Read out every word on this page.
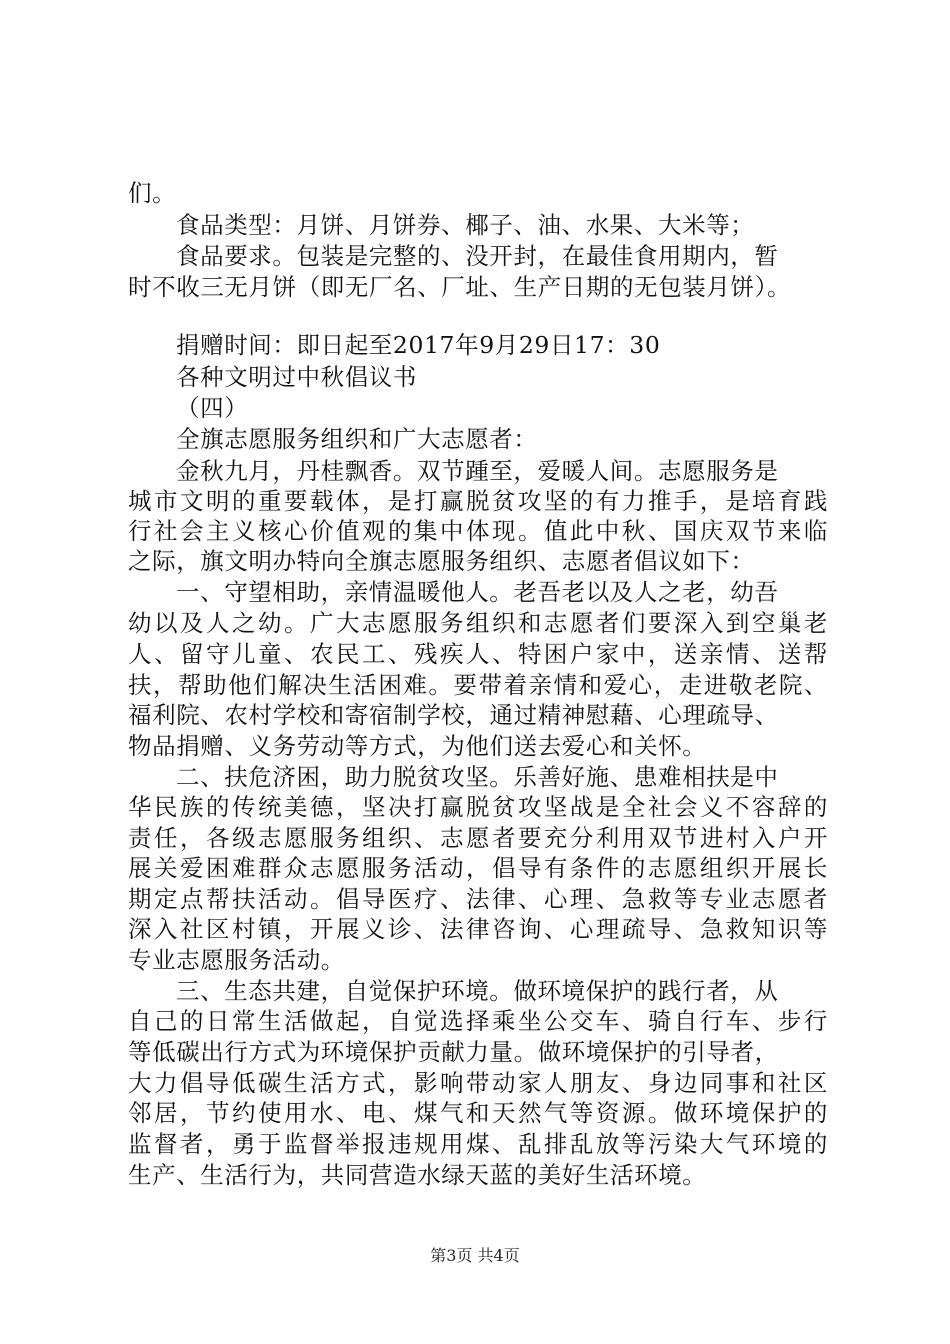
们。
食品类型：月饼、月饼券、椰子、油、水果、大米等；
食品要求。包装是完整的、没开封，在最佳食用期内，暂
时不收三无月饼（即无厂名、厂址、生产日期的无包装月饼）。
捐赠时间：即日起至2017年9月29日17：30
各种文明过中秋倡议书
（四）
全旗志愿服务组织和广大志愿者：
金秋九月，丹桂飘香。双节踵至，爱暖人间。志愿服务是
城市文明的重要载体，是打赢脱贫攻坚的有力推手，是培育践
行社会主义核心价值观的集中体现。值此中秋、国庆双节来临
之际，旗文明办特向全旗志愿服务组织、志愿者倡议如下：
一、守望相助，亲情温暖他人。老吾老以及人之老，幼吾
幼以及人之幼。广大志愿服务组织和志愿者们要深入到空巢老
人、留守儿童、农民工、残疾人、特困户家中，送亲情、送帮
扶，帮助他们解决生活困难。要带着亲情和爱心，走进敬老院、
福利院、农村学校和寄宿制学校，通过精神慰藉、心理疏导、
物品捐赠、义务劳动等方式，为他们送去爱心和关怀。
二、扶危济困，助力脱贫攻坚。乐善好施、患难相扶是中
华民族的传统美德，坚决打赢脱贫攻坚战是全社会义不容辞的
责任，各级志愿服务组织、志愿者要充分利用双节进村入户开
展关爱困难群众志愿服务活动，倡导有条件的志愿组织开展长
期定点帮扶活动。倡导医疗、法律、心理、急救等专业志愿者
深入社区村镇，开展义诊、法律咨询、心理疏导、急救知识等
专业志愿服务活动。
三、生态共建，自觉保护环境。做环境保护的践行者，从
自己的日常生活做起，自觉选择乘坐公交车、骑自行车、步行
等低碳出行方式为环境保护贡献力量。做环境保护的引导者，
大力倡导低碳生活方式，影响带动家人朋友、身边同事和社区
邻居，节约使用水、电、煤气和天然气等资源。做环境保护的
监督者，勇于监督举报违规用煤、乱排乱放等污染大气环境的
生产、生活行为，共同营造水绿天蓝的美好生活环境。
第3页 共4页
